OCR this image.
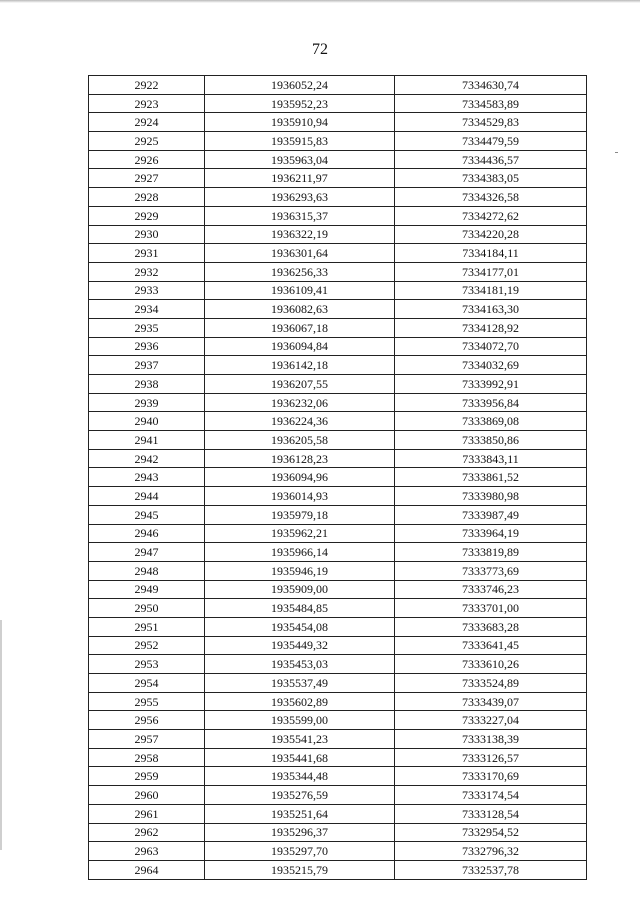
72
2922	1936052,24	7334630,74
2923	1935952,23	7334583,89
2924	1935910,94	7334529,83
2925	1935915,83	7334479,59
2926	1935963,04	7334436,57
2927	1936211,97	7334383,05
2928	1936293,63	7334326,58
2929	1936315,37	7334272,62
2930	1936322,19	7334220,28
2931	1936301,64	7334184,11
2932	1936256,33	7334177,01
2933	1936109,41	7334181,19
2934	1936082,63	7334163,30
2935	1936067,18	7334128,92
2936	1936094,84	7334072,70
2937	1936142,18	7334032,69
2938	1936207,55	7333992,91
2939	1936232,06	7333956,84
2940	1936224,36	7333869,08
2941	1936205,58	7333850,86
2942	1936128,23	7333843,11
2943	1936094,96	7333861,52
2944	1936014,93	7333980,98
2945	1935979,18	7333987,49
2946	1935962,21	7333964,19
2947	1935966,14	7333819,89
2948	1935946,19	7333773,69
2949	1935909,00	7333746,23
2950	1935484,85	7333701,00
2951	1935454,08	7333683,28
2952	1935449,32	7333641,45
2953	1935453,03	7333610,26
2954	1935537,49	7333524,89
2955	1935602,89	7333439,07
2956	1935599,00	7333227,04
2957	1935541,23	7333138,39
2958	1935441,68	7333126,57
2959	1935344,48	7333170,69
2960	1935276,59	7333174,54
2961	1935251,64	7333128,54
2962	1935296,37	7332954,52
2963	1935297,70	7332796,32
2964	1935215,79	7332537,78
